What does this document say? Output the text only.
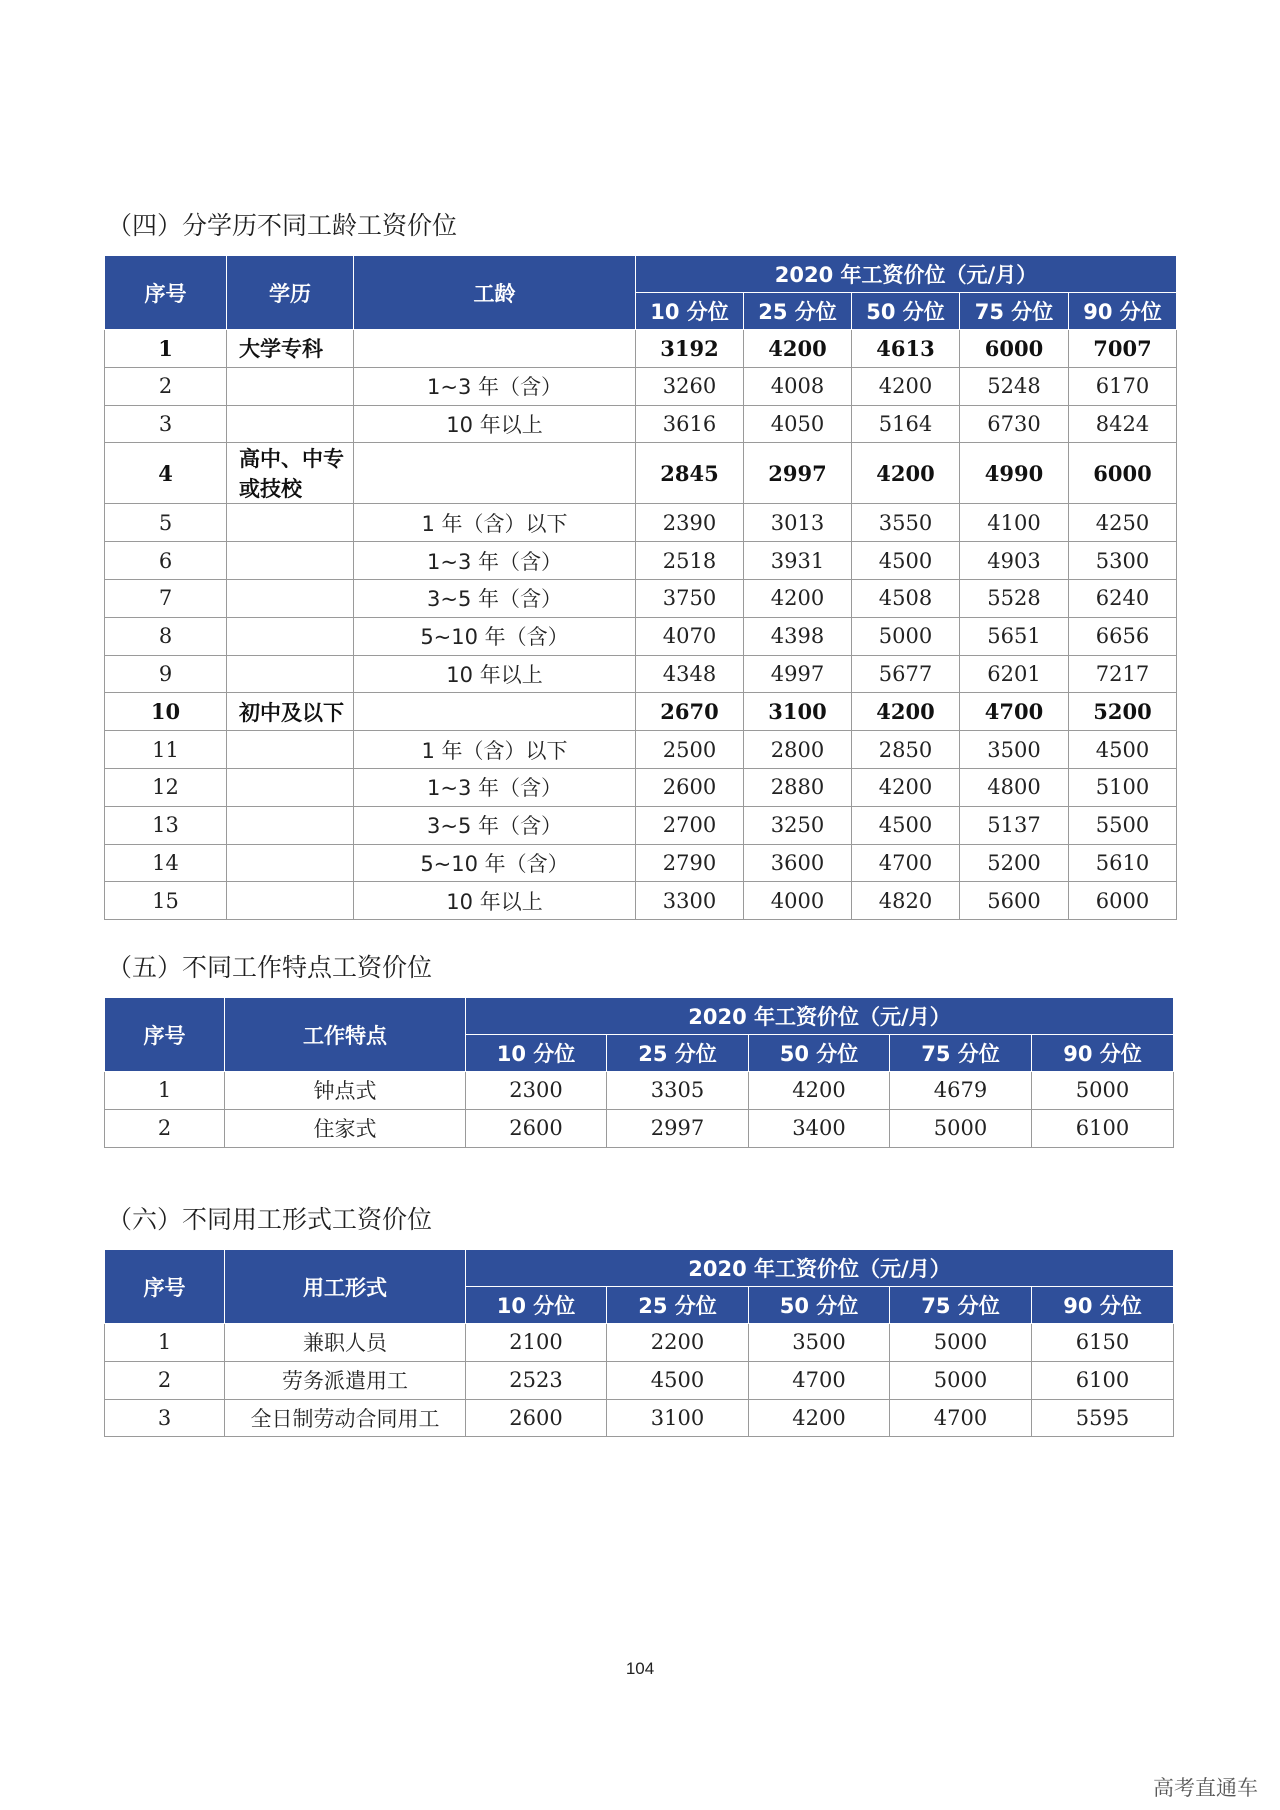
（四）分学历不同工龄工资价位
序号	学历	工龄	2020 年工资价位（元/月）				
			10 分位	25 分位	50 分位	75 分位	90 分位
1	大学专科		3192	4200	4613	6000	7007
2		1~3 年（含）	3260	4008	4200	5248	6170
3		10 年以上	3616	4050	5164	6730	8424
4	高中、中专或技校		2845	2997	4200	4990	6000
5		1 年（含）以下	2390	3013	3550	4100	4250
6		1~3 年（含）	2518	3931	4500	4903	5300
7		3~5 年（含）	3750	4200	4508	5528	6240
8		5~10 年（含）	4070	4398	5000	5651	6656
9		10 年以上	4348	4997	5677	6201	7217
10	初中及以下		2670	3100	4200	4700	5200
11		1 年（含）以下	2500	2800	2850	3500	4500
12		1~3 年（含）	2600	2880	4200	4800	5100
13		3~5 年（含）	2700	3250	4500	5137	5500
14		5~10 年（含）	2790	3600	4700	5200	5610
15		10 年以上	3300	4000	4820	5600	6000
（五）不同工作特点工资价位
序号	工作特点	2020 年工资价位（元/月）				
		10 分位	25 分位	50 分位	75 分位	90 分位
1	钟点式	2300	3305	4200	4679	5000
2	住家式	2600	2997	3400	5000	6100
（六）不同用工形式工资价位
序号	用工形式	2020 年工资价位（元/月）				
		10 分位	25 分位	50 分位	75 分位	90 分位
1	兼职人员	2100	2200	3500	5000	6150
2	劳务派遣用工	2523	4500	4700	5000	6100
3	全日制劳动合同用工	2600	3100	4200	4700	5595
104
高考直通车
